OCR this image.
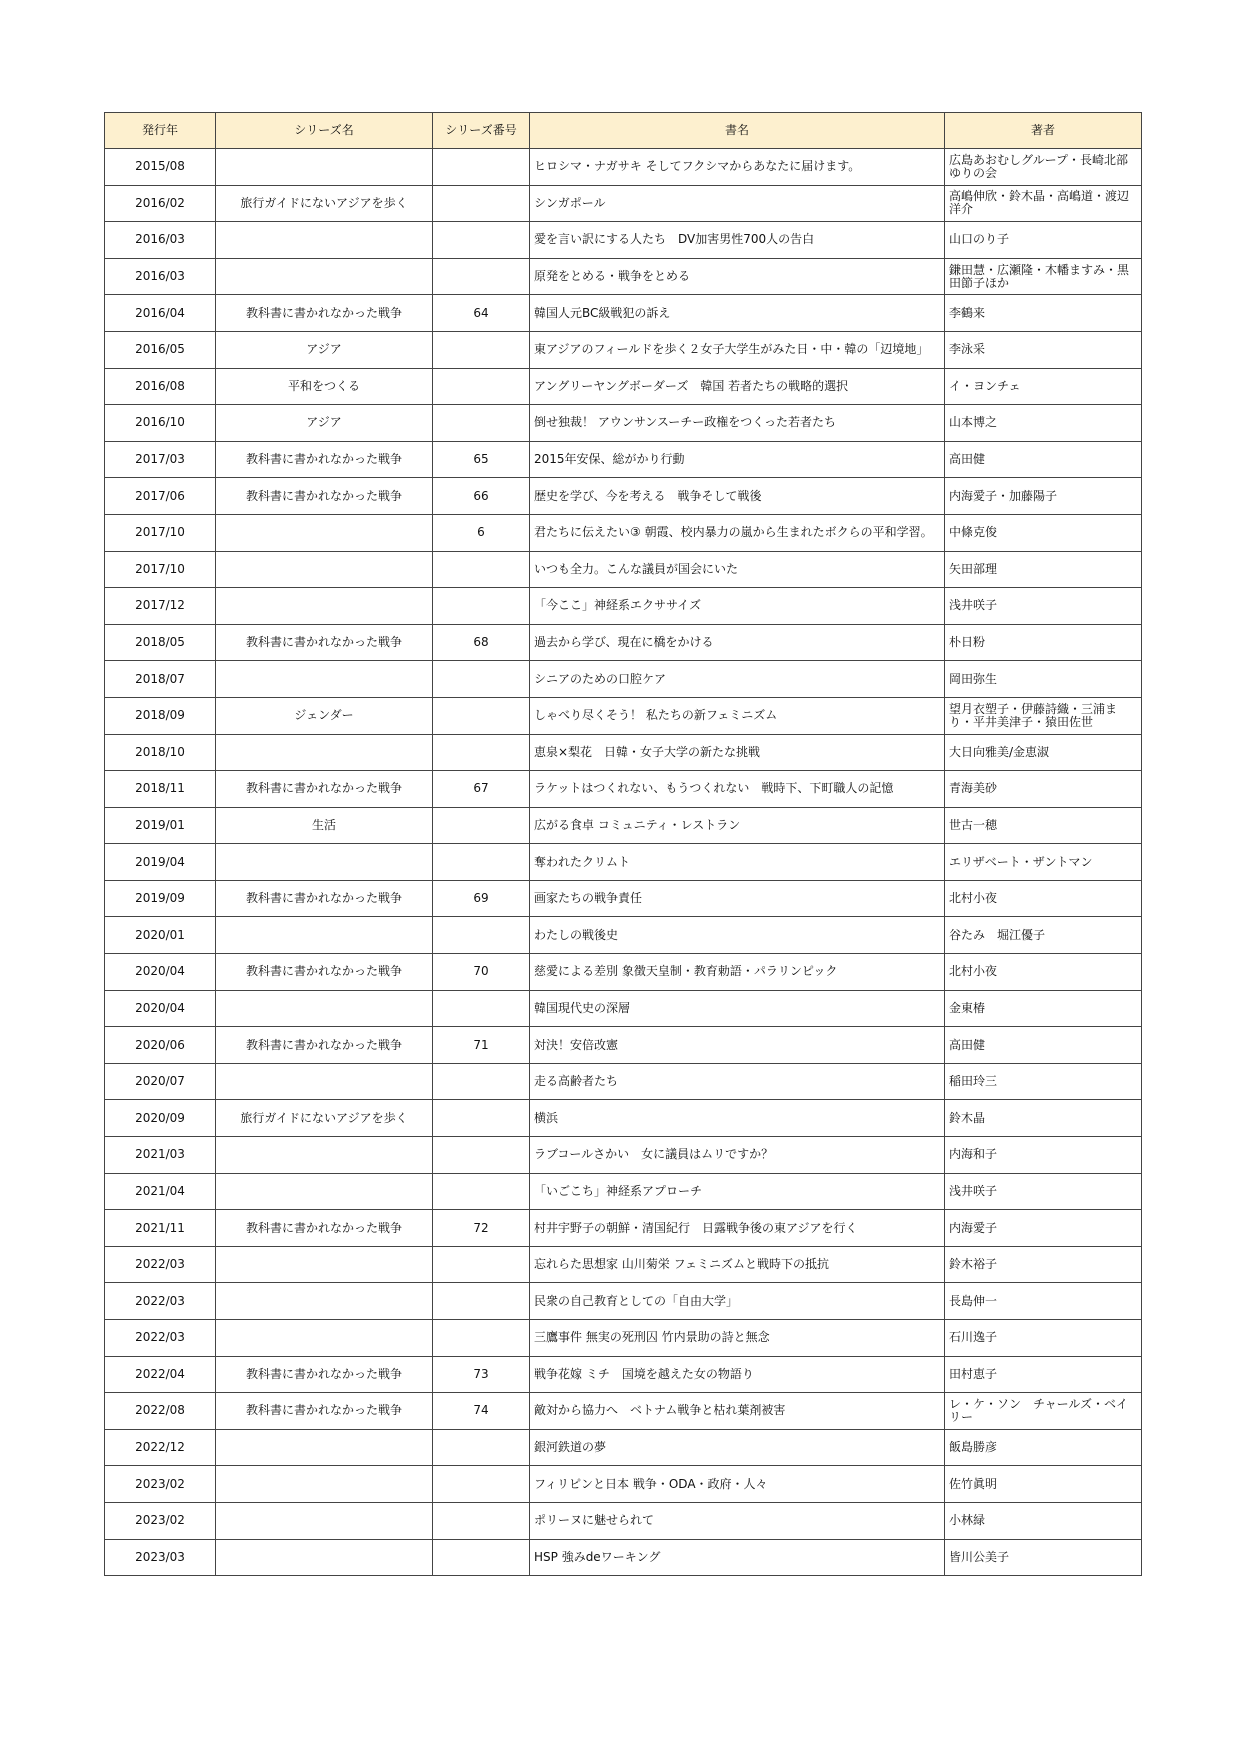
発行年	シリーズ名	シリーズ番号	書名	著者
2015/08			ヒロシマ・ナガサキ そしてフクシマからあなたに届けます。	広島あおむしグループ・長崎北部ゆりの会
2016/02	旅行ガイドにないアジアを歩く		シンガポール	高嶋伸欣・鈴木晶・高嶋道・渡辺洋介
2016/03			愛を言い訳にする人たち　DV加害男性700人の告白	山口のり子
2016/03			原発をとめる・戦争をとめる	鎌田慧・広瀬隆・木幡ますみ・黒田節子ほか
2016/04	教科書に書かれなかった戦争	64	韓国人元BC級戦犯の訴え	李鶴来
2016/05	アジア		東アジアのフィールドを歩く２女子大学生がみた日・中・韓の「辺境地」	李泳采
2016/08	平和をつくる		アングリーヤングボーダーズ　韓国 若者たちの戦略的選択	イ・ヨンチェ
2016/10	アジア		倒せ独裁！ アウンサンスーチー政権をつくった若者たち	山本博之
2017/03	教科書に書かれなかった戦争	65	2015年安保、総がかり行動	高田健
2017/06	教科書に書かれなかった戦争	66	歴史を学び、今を考える　戦争そして戦後	内海愛子・加藤陽子
2017/10		6	君たちに伝えたい③ 朝霞、校内暴力の嵐から生まれたボクらの平和学習。	中條克俊
2017/10			いつも全力。こんな議員が国会にいた	矢田部理
2017/12			「今ここ」神経系エクササイズ	浅井咲子
2018/05	教科書に書かれなかった戦争	68	過去から学び、現在に橋をかける	朴日粉
2018/07			シニアのための口腔ケア	岡田弥生
2018/09	ジェンダー		しゃべり尽くそう！ 私たちの新フェミニズム	望月衣塑子・伊藤詩織・三浦まり・平井美津子・猿田佐世
2018/10			恵泉×梨花　日韓・女子大学の新たな挑戦	大日向雅美/金恵淑
2018/11	教科書に書かれなかった戦争	67	ラケットはつくれない、もうつくれない　戦時下、下町職人の記憶	青海美砂
2019/01	生活		広がる食卓 コミュニティ・レストラン	世古一穂
2019/04			奪われたクリムト	エリザベート・ザントマン
2019/09	教科書に書かれなかった戦争	69	画家たちの戦争責任	北村小夜
2020/01			わたしの戦後史	谷たみ　堀江優子
2020/04	教科書に書かれなかった戦争	70	慈愛による差別 象徴天皇制・教育勅語・パラリンピック	北村小夜
2020/04			韓国現代史の深層	金東椿
2020/06	教科書に書かれなかった戦争	71	対決！安倍改憲	高田健
2020/07			走る高齢者たち	稲田玲三
2020/09	旅行ガイドにないアジアを歩く		横浜	鈴木晶
2021/03			ラブコールさかい　女に議員はムリですか？	内海和子
2021/04			「いごこち」神経系アプローチ	浅井咲子
2021/11	教科書に書かれなかった戦争	72	村井宇野子の朝鮮・清国紀行　日露戦争後の東アジアを行く	内海愛子
2022/03			忘れらた思想家 山川菊栄 フェミニズムと戦時下の抵抗	鈴木裕子
2022/03			民衆の自己教育としての「自由大学」	長島伸一
2022/03			三鷹事件 無実の死刑囚 竹内景助の詩と無念	石川逸子
2022/04	教科書に書かれなかった戦争	73	戦争花嫁 ミチ　国境を越えた女の物語り	田村恵子
2022/08	教科書に書かれなかった戦争	74	敵対から協力へ　ベトナム戦争と枯れ葉剤被害	レ・ケ・ソン　チャールズ・ベイリー
2022/12			銀河鉄道の夢	飯島勝彦
2023/02			フィリピンと日本 戦争・ODA・政府・人々	佐竹眞明
2023/02			ポリーヌに魅せられて	小林緑
2023/03			HSP 強みdeワーキング	皆川公美子
